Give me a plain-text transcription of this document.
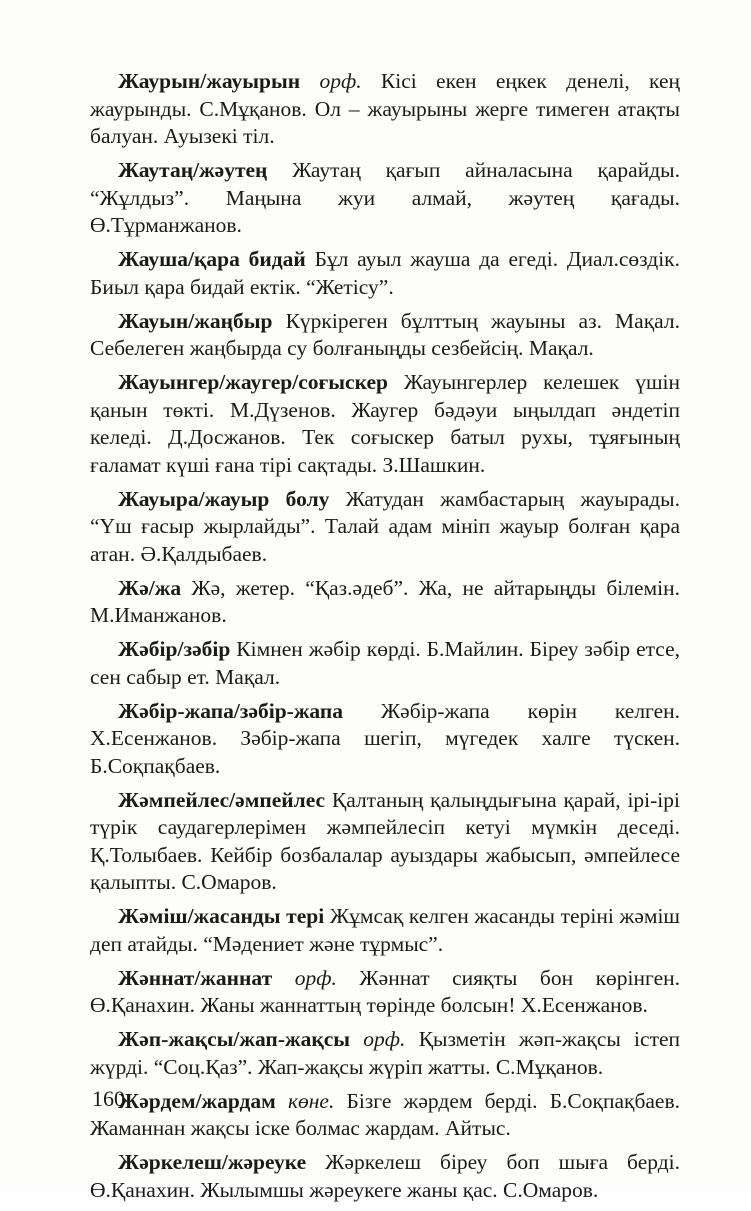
Жаурын/жауырын орф. Кісі екен еңкек денелі, кең жаурынды. С.Мұқанов. Ол – жауырыны жерге тимеген атақты балуан. Ауызекі тіл.

Жаутаң/жәутең Жаутаң қағып айналасына қарайды. “Жұлдыз”. Маңына жуи алмай, жәутең қағады. Ө.Тұрманжанов.

Жауша/қара бидай Бұл ауыл жауша да егеді. Диал.сөздік. Биыл қара бидай ектік. “Жетісу”.

Жауын/жаңбыр Күркіреген бұлттың жауыны аз. Мақал. Себелеген жаңбырда су болғаныңды сезбейсің. Мақал.

Жауынгер/жаугер/соғыскер Жауынгерлер келешек үшін қанын төкті. М.Дүзенов. Жаугер бәдәуи ыңылдап әндетіп келеді. Д.Досжанов. Тек соғыскер батыл рухы, тұяғының ғаламат күші ғана тірі сақтады. З.Шашкин.

Жауыра/жауыр болу Жатудан жамбастарың жауырады. “Үш ғасыр жырлайды”. Талай адам мініп жауыр болған қара атан. Ә.Қалдыбаев.

Жә/жа Жә, жетер. “Қаз.әдеб”. Жа, не айтарыңды білемін. М.Иманжанов.

Жәбір/зәбір Кімнен жәбір көрді. Б.Майлин. Біреу зәбір етсе, сен сабыр ет. Мақал.

Жәбір-жапа/зәбір-жапа Жәбір-жапа көрін келген. Х.Есенжанов. Зәбір-жапа шегіп, мүгедек халге түскен. Б.Соқпақбаев.

Жәмпейлес/әмпейлес Қалтаның қалыңдығына қарай, ірі-ірі түрік саудагерлерімен жәмпейлесіп кетуі мүмкін деседі. Қ.Толыбаев. Кейбір бозбалалар ауыздары жабысып, әмпейлесе қалыпты. С.Омаров.

Жәміш/жасанды тері Жұмсақ келген жасанды теріні жәміш деп атайды. “Мәдениет және тұрмыс”.

Жәннат/жаннат орф. Жәннат сияқты бон көрінген. Ө.Қанахин. Жаны жаннаттың төрінде болсын! Х.Есенжанов.

Жәп-жақсы/жап-жақсы орф. Қызметін жәп-жақсы істеп жүрді. “Соц.Қаз”. Жап-жақсы жүріп жатты. С.Мұқанов.

Жәрдем/жардам көне. Бізге жәрдем берді. Б.Соқпақбаев. Жаманнан жақсы іске болмас жардам. Айтыс.

Жәркелеш/жәреуке Жәркелеш біреу боп шыға берді. Ө.Қанахин. Жылымшы жәреукеге жаны қас. С.Омаров.

160
